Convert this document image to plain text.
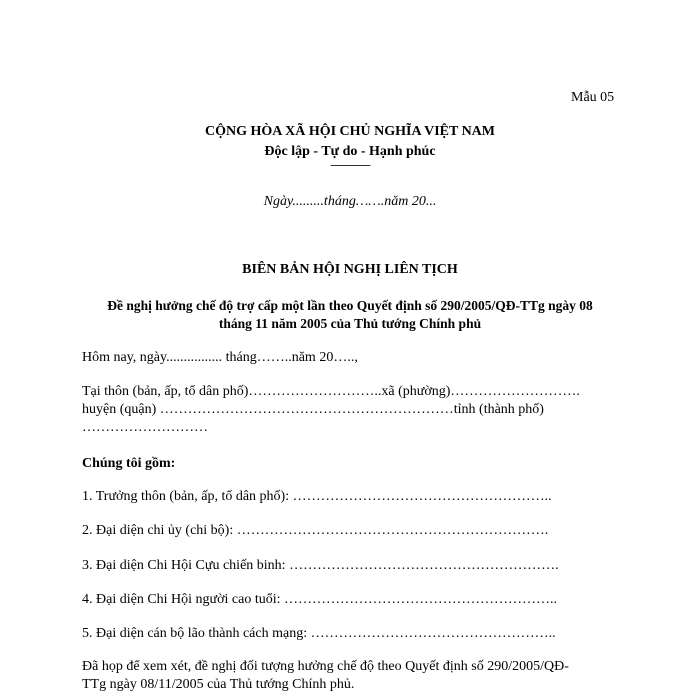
Mẫu 05
CỘNG HÒA XÃ HỘI CHỦ NGHĨA VIỆT NAM
Độc lập - Tự do - Hạnh phúc
-----------------
Ngày.........tháng…….năm 20...
BIÊN BẢN HỘI NGHỊ LIÊN TỊCH
Đề nghị hưởng chế độ trợ cấp một lần theo Quyết định số 290/2005/QĐ-TTg ngày 08
tháng 11 năm 2005 của Thủ tướng Chính phủ
Hôm nay, ngày................ tháng……..năm 20…..,
Tại thôn (bản, ấp, tổ dân phố)………………………..xã (phường)……………………….
huyện (quận) ………………………………………………………tỉnh (thành phố)
………………………
Chúng tôi gồm:
1. Trưởng thôn (bản, ấp, tổ dân phố): ………………………………………………..
2. Đại diện chi ủy (chi bộ): ………………………………………………………….
3. Đại diện Chi Hội Cựu chiến binh: ………………………………………………….
4. Đại diện Chi Hội người cao tuổi: …………………………………………………..
5. Đại diện cán bộ lão thành cách mạng: ……………………………………………..
Đã họp để xem xét, đề nghị đối tượng hưởng chế độ theo Quyết định số 290/2005/QĐ-
TTg ngày 08/11/2005 của Thủ tướng Chính phủ.
